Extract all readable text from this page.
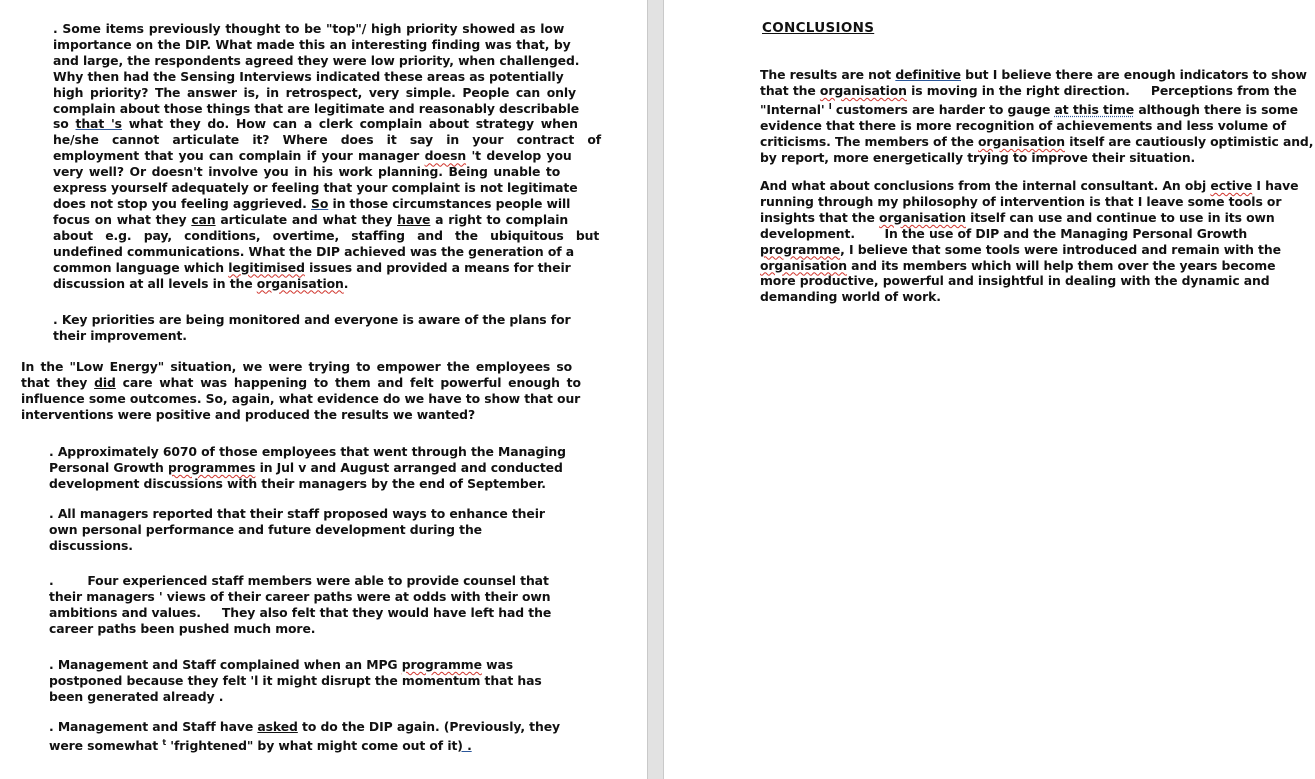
. Some items previously thought to be "top"/ high priority showed as low
importance on the DIP. What made this an interesting finding was that, by
and large, the respondents agreed they were low priority, when challenged.
Why then had the Sensing Interviews indicated these areas as potentially
high priority? The answer is, in retrospect, very simple. People can only
complain about those things that are legitimate and reasonably describable
so that 's what they do. How can a clerk complain about strategy when
he/she cannot articulate it? Where does it say in your contract of
employment that you can complain if your manager doesn 't develop you
very well? Or doesn't involve you in his work planning. Being unable to
express yourself adequately or feeling that your complaint is not legitimate
does not stop you feeling aggrieved. So in those circumstances people will
focus on what they can articulate and what they have a right to complain
about e.g. pay, conditions, overtime, staffing and the ubiquitous but
undefined communications. What the DIP achieved was the generation of a
common language which legitimised issues and provided a means for their
discussion at all levels in the organisation.
. Key priorities are being monitored and everyone is aware of the plans for
their improvement.
In the "Low Energy" situation, we were trying to empower the employees so
that they did care what was happening to them and felt powerful enough to
influence some outcomes. So, again, what evidence do we have to show that our
interventions were positive and produced the results we wanted?
. Approximately 6070 of those employees that went through the Managing
Personal Growth programmes in Jul v and August arranged and conducted
development discussions with their managers by the end of September.
. All managers reported that their staff proposed ways to enhance their
own personal performance and future development during the
discussions.
.        Four experienced staff members were able to provide counsel that
their managers ' views of their career paths were at odds with their own
ambitions and values.     They also felt that they would have left had the
career paths been pushed much more.
. Management and Staff complained when an MPG programme was
postponed because they felt 'l it might disrupt the momentum that has
been generated already .
. Management and Staff have asked to do the DIP again. (Previously, they
were somewhat $^t$ 'frightened" by what might come out of it) .
CONCLUSIONS
The results are not definitive but I believe there are enough indicators to show
that the organisation is moving in the right direction.     Perceptions from the
"Internal' $^I$ customers are harder to gauge at this time although there is some
evidence that there is more recognition of achievements and less volume of
criticisms. The members of the organisation itself are cautiously optimistic and,
by report, more energetically trying to improve their situation.
And what about conclusions from the internal consultant. An obj ective I have
running through my philosophy of intervention is that I leave some tools or
insights that the organisation itself can use and continue to use in its own
development.       In the use of DIP and the Managing Personal Growth
programme, I believe that some tools were introduced and remain with the
organisation and its members which will help them over the years become
more productive, powerful and insightful in dealing with the dynamic and
demanding world of work.
